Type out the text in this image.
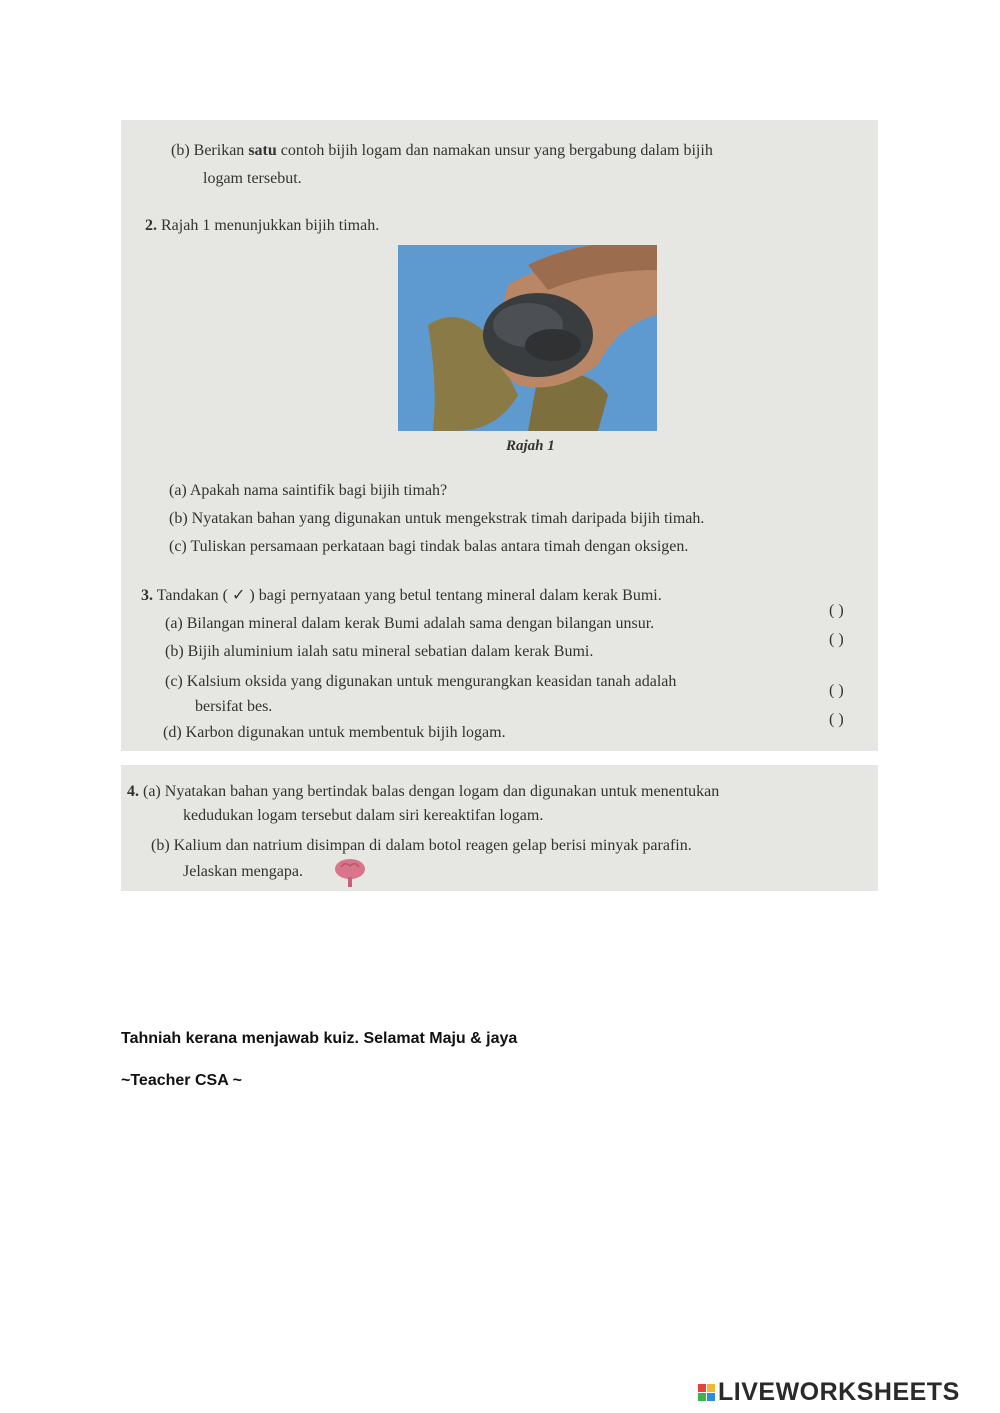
(b) Berikan satu contoh bijih logam dan namakan unsur yang bergabung dalam bijih
logam tersebut.
2. Rajah 1 menunjukkan bijih timah.
Rajah 1
(a) Apakah nama saintifik bagi bijih timah?
(b) Nyatakan bahan yang digunakan untuk mengekstrak timah daripada bijih timah.
(c) Tuliskan persamaan perkataan bagi tindak balas antara timah dengan oksigen.
3. Tandakan ( ✓ ) bagi pernyataan yang betul tentang mineral dalam kerak Bumi.
(a) Bilangan mineral dalam kerak Bumi adalah sama dengan bilangan unsur.
( )
(b) Bijih aluminium ialah satu mineral sebatian dalam kerak Bumi.
( )
(c) Kalsium oksida yang digunakan untuk mengurangkan keasidan tanah adalah
bersifat bes.
( )
(d) Karbon digunakan untuk membentuk bijih logam.
( )
4. (a) Nyatakan bahan yang bertindak balas dengan logam dan digunakan untuk menentukan
kedudukan logam tersebut dalam siri kereaktifan logam.
(b) Kalium dan natrium disimpan di dalam botol reagen gelap berisi minyak parafin.
Jelaskan mengapa.
Tahniah kerana menjawab kuiz. Selamat Maju & jaya
~Teacher CSA ~
LIVEWORKSHEETS
